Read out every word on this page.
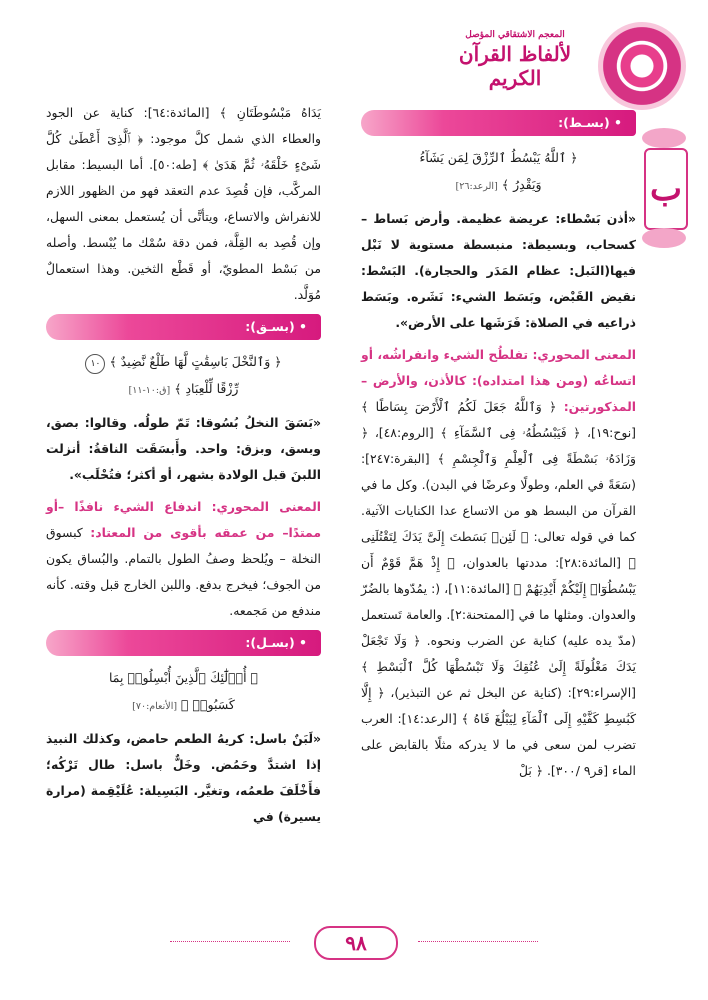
المعجم الاشتقاقي المؤصل
لألفاظ القرآن الكريم
ب
• (بسـط):
﴿ ٱللَّهُ يَبْسُطُ ٱلرِّزْقَ لِمَن يَشَآءُ
وَيَقْدِرُ ﴾ [الرعد:٢٦]

«أذن بَسْطاء: عريضة عظيمة. وأرض بَساط – كسحاب، وبسيطة: منبسطة مستوية لا نَبْل فيها(النَبل: عظام المَدَر والحجارة). البَسْط: نقيض القَبْض، وبَسَط الشيء: نَشَره. وبَسَط ذراعيه في الصلاة: فَرَشَها على الأرض».

المعنى المحوري: تفلطُح الشيء وانفراشُه، أو اتساعُه (ومن هذا امتداده): كالأذن، والأرض – المذكورتين: ﴿ وَٱللَّهُ جَعَلَ لَكُمُ ٱلْأَرْضَ بِسَاطًا ﴾ [نوح:١٩]، ﴿ فَيَبْسُطُهُۥ فِى ٱلسَّمَآءِ ﴾ [الروم:٤٨]، ﴿ وَزَادَهُۥ بَسْطَةً فِى ٱلْعِلْمِ وَٱلْجِسْمِ ﴾ [البقرة:٢٤٧]: (سَعَةً في العلم، وطولًا وعرضًا في البدن). وكل ما في القرآن من البسط هو من الاتساع عدا الكنايات الآتية. كما في قوله تعالى: ﴿ لَئِنۢ بَسَطتَ إِلَىَّ يَدَكَ لِتَقْتُلَنِى ﴾ [المائدة:٢٨]: مددتها بالعدوان، ﴿ إِذْ هَمَّ قَوْمٌ أَن يَبْسُطُوٓا۟ إِلَيْكُمْ أَيْدِيَهُمْ ﴾ [المائدة:١١]، (: يمُدّوها بالضُرّ والعدوان. ومثلها ما في [الممتحنة:٢]. والعامة تَستعمل (مدّ يده عليه) كناية عن الضرب ونحوه. ﴿ وَلَا تَجْعَلْ يَدَكَ مَغْلُولَةً إِلَىٰ عُنُقِكَ وَلَا تَبْسُطْهَا كُلَّ ٱلْبَسْطِ ﴾ [الإسراء:٢٩]: (كناية عن البخل ثم عن التبذير)، ﴿ إِلَّا كَبَٰسِطِ كَفَّيْهِ إِلَى ٱلْمَآءِ لِيَبْلُغَ فَاهُ ﴾ [الرعد:١٤]: العرب تضرب لمن سعى في ما لا يدركه مثلًا بالقابض على الماء [قر٩ /٣٠٠]. ﴿ بَلْ

يَدَاهُ مَبْسُوطَتَانِ ﴾ [المائدة:٦٤]: كناية عن الجود والعطاء الذي شمل كلَّ موجود: ﴿ ٱلَّذِىٓ أَعْطَىٰ كُلَّ شَىْءٍ خَلْقَهُۥ ثُمَّ هَدَىٰ ﴾ [طه:٥٠]. أما البسيط: مقابل المركَّب، فإن قُصِدَ عدم التعقد فهو من الظهور اللازم للانفراش والاتساع، ويتأتَّى أن يُستعمل بمعنى السهل، وإن قُصِد به القِلَّة، فمن دقة سُمْك ما يُبْسط. وأصله من بَسْط المطويّ، أو قَطْع الثخين. وهذا استعمالٌ مُوَلَّد.

• (بسـق):
﴿ وَٱلنَّخْلَ بَاسِقَٰتٍ لَّهَا طَلْعٌ نَّضِيدٌ ﴾ ١٠
رِّزْقًا لِّلْعِبَادِ ﴾ [ق:١٠-١١]

«بَسَقَ النخلُ بُسُوقا: تَمّ طولُه. وقالوا: بصق، وبسق، وبزق: واحد. وأَبسَقَت الناقةُ: أنزلت اللبنَ قبل الولادة بشهر، أو أكثر؛ فتُحْلَب».

المعنى المحوري: اندفاع الشيء نافذًا –أو ممتدًا– من عمقه بأقوى من المعتاد: كبسوق النخلة – ويُلحظ وصفُ الطول بالتمام. والبُساق يكون من الجوف؛ فيخرج بدفع. واللبن الخارج قبل وقته. كأنه مندفع من مَجمعه.

• (بسـل):
﴿ أُو۟لَٰٓئِكَ ٱلَّذِينَ أُبْسِلُوا۟ بِمَا
كَسَبُوا۟ ﴾ [الأنعام:٧٠]

«لَبَنٌ باسل: كريهُ الطعم حامض، وكذلك النبيذ إذا اشتدَّ وحَمُض. وخَلٌّ باسل: طال تَرْكُه؛ فأَخْلَفَ طعمُه، وتغيَّر. البَسِيلة: عُلَيْقِمة (مرارة يسيرة) في

٩٨
